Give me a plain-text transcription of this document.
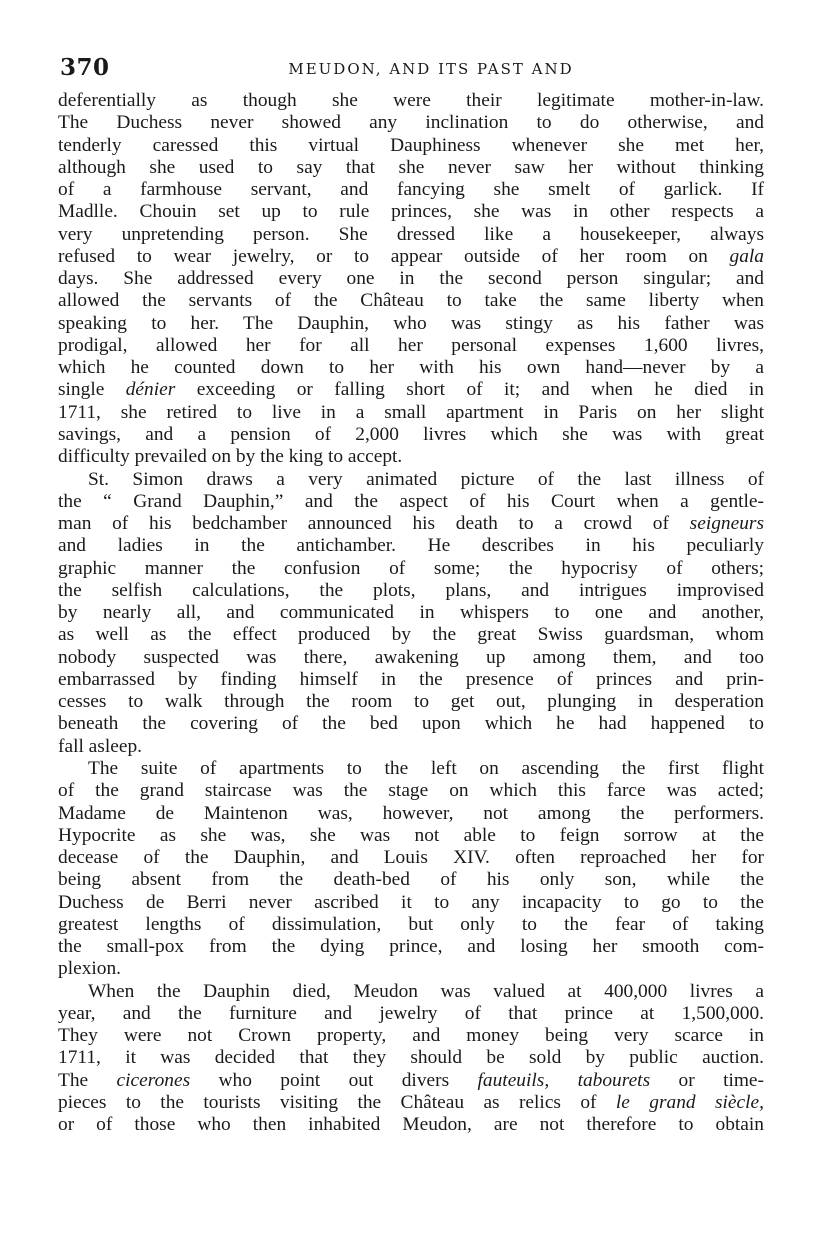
370	MEUDON, AND ITS PAST AND
deferentially as though she were their legitimate mother-in-law.
The Duchess never showed any inclination to do otherwise, and
tenderly caressed this virtual Dauphiness whenever she met her,
although she used to say that she never saw her without thinking
of a farmhouse servant, and fancying she smelt of garlick. If
Madlle. Chouin set up to rule princes, she was in other respects a
very unpretending person. She dressed like a housekeeper, always
refused to wear jewelry, or to appear outside of her room on gala
days. She addressed every one in the second person singular; and
allowed the servants of the Château to take the same liberty when
speaking to her. The Dauphin, who was stingy as his father was
prodigal, allowed her for all her personal expenses 1,600 livres,
which he counted down to her with his own hand—never by a
single dénier exceeding or falling short of it; and when he died in
1711, she retired to live in a small apartment in Paris on her slight
savings, and a pension of 2,000 livres which she was with great
difficulty prevailed on by the king to accept.
St. Simon draws a very animated picture of the last illness of
the “ Grand Dauphin,” and the aspect of his Court when a gentle-
man of his bedchamber announced his death to a crowd of seigneurs
and ladies in the antichamber. He describes in his peculiarly
graphic manner the confusion of some; the hypocrisy of others;
the selfish calculations, the plots, plans, and intrigues improvised
by nearly all, and communicated in whispers to one and another,
as well as the effect produced by the great Swiss guardsman, whom
nobody suspected was there, awakening up among them, and too
embarrassed by finding himself in the presence of princes and prin-
cesses to walk through the room to get out, plunging in desperation
beneath the covering of the bed upon which he had happened to
fall asleep.
The suite of apartments to the left on ascending the first flight
of the grand staircase was the stage on which this farce was acted;
Madame de Maintenon was, however, not among the performers.
Hypocrite as she was, she was not able to feign sorrow at the
decease of the Dauphin, and Louis XIV. often reproached her for
being absent from the death-bed of his only son, while the
Duchess de Berri never ascribed it to any incapacity to go to the
greatest lengths of dissimulation, but only to the fear of taking
the small-pox from the dying prince, and losing her smooth com-
plexion.
When the Dauphin died, Meudon was valued at 400,000 livres a
year, and the furniture and jewelry of that prince at 1,500,000.
They were not Crown property, and money being very scarce in
1711, it was decided that they should be sold by public auction.
The cicerones who point out divers fauteuils, tabourets or time-
pieces to the tourists visiting the Château as relics of le grand siècle,
or of those who then inhabited Meudon, are not therefore to obtain
